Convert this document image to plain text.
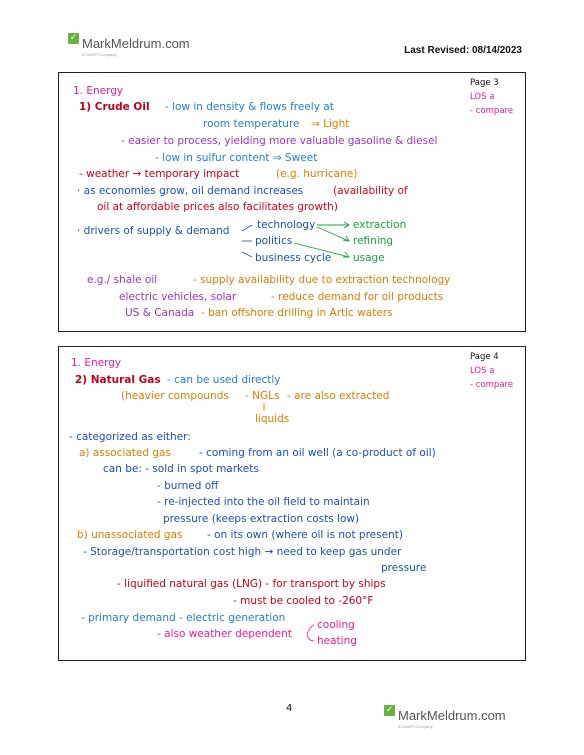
✓ MarkMeldrum.com
A GenRT Company	Last Revised: 08/14/2023
Page 3
LOS a
- compare
1. Energy
1) Crude Oil - low in density & flows freely at
room temperature ⇒ Light
- easier to process, yielding more valuable gasoline & diesel
- low in sulfur content ⇒ Sweet
- weather → temporary impact	(e.g. hurricane)
· as economies grow, oil demand increases	(availability of
oil at affordable prices also facilitates growth)
· drivers of supply & demand	technology
politics
business cycle
extraction
refining
usage
e.g./ shale oil	- supply availability due to extraction technology
electric vehicles, solar	- reduce demand for oil products
US & Canada - ban offshore drilling in Artic waters
Page 4
LOS a
- compare
1. Energy
2) Natural Gas - can be used directly
(heavier compounds - NGLs - are also extracted
liquids
- categorized as either:
a) associated gas	- coming from an oil well (a co-product of oil)
can be: - sold in spot markets
- burned off
- re-injected into the oil field to maintain
pressure (keeps extraction costs low)
b) unassociated gas - on its own (where oil is not present)
- Storage/transportation cost high → need to keep gas under
pressure
- liquified natural gas (LNG) - for transport by ships
- must be cooled to -260°F
- primary demand - electric generation
- also weather dependent
cooling
heating
4	✓ MarkMeldrum.com
A GenRT Company
